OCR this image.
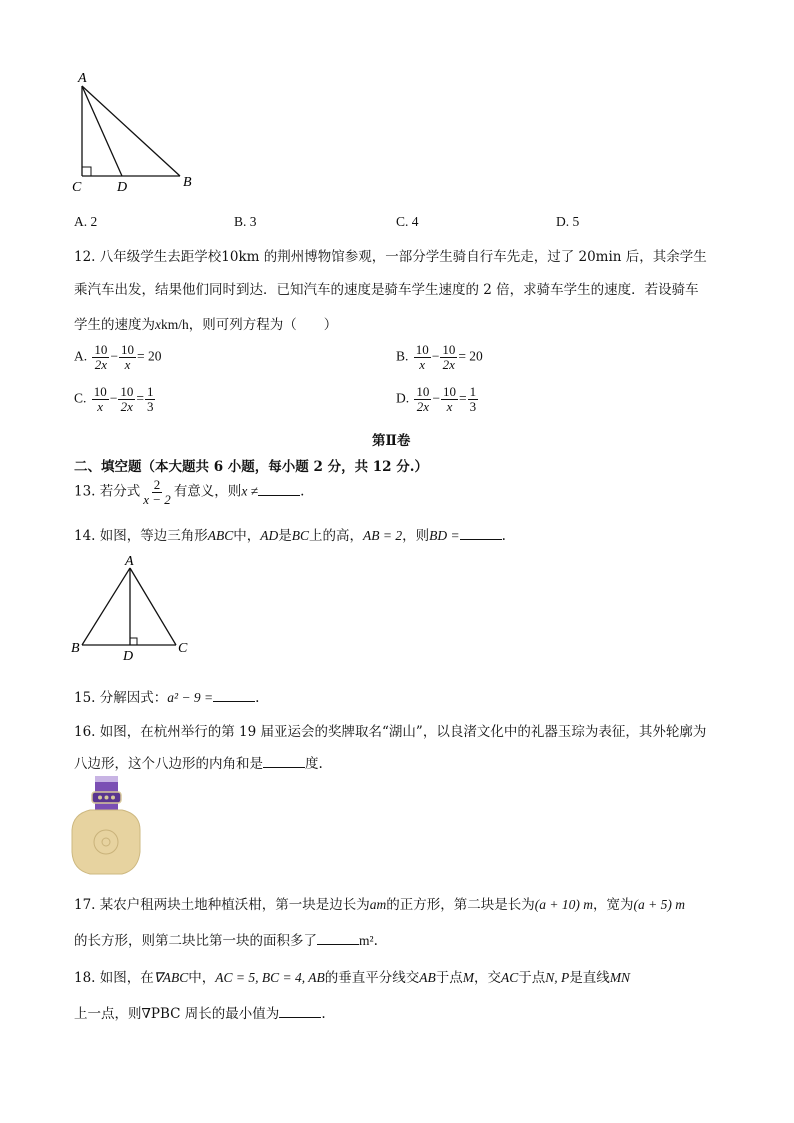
A
C	D	B
A. 2	B. 3	C. 4	D. 5
12. 八年级学生去距学校10km 的荆州博物馆参观，一部分学生骑自行车先走，过了 20min 后，其余学生
乘汽车出发，结果他们同时到达．已知汽车的速度是骑车学生速度的 2 倍，求骑车学生的速度．若设骑车
学生的速度为xkm/h，则可列方程为（　　）
A. $\frac{10}{2x} - \frac{10}{x} = 20$	B. $\frac{10}{x} - \frac{10}{2x} = 20$
C. $\frac{10}{x} - \frac{10}{2x} = \frac{1}{3}$	D. $\frac{10}{2x} - \frac{10}{x} = \frac{1}{3}$
第Ⅱ卷
二、填空题（本大题共 6 小题，每小题 2 分，共 12 分.）
13. 若分式 $\frac{2}{x - 2}$ 有意义，则x ≠	.
14. 如图，等边三角形ABC中，AD是BC上的高，AB = 2，则BD =	.
A
B
D
C
15. 分解因式：a² − 9 =	.
16. 如图，在杭州举行的第 19 届亚运会的奖牌取名“湖山”，以良渚文化中的礼器玉琮为表征，其外轮廓为
八边形，这个八边形的内角和是	度.
17. 某农户租两块土地种植沃柑，第一块是边长为am的正方形，第二块是长为(a + 10) m，宽为(a + 5) m
的长方形，则第二块比第一块的面积多了	m².
18. 如图，在∇ABC中，AC = 5, BC = 4, AB的垂直平分线交AB于点M，交AC于点N, P是直线MN
上一点，则∇PBC 周长的最小值为	.
